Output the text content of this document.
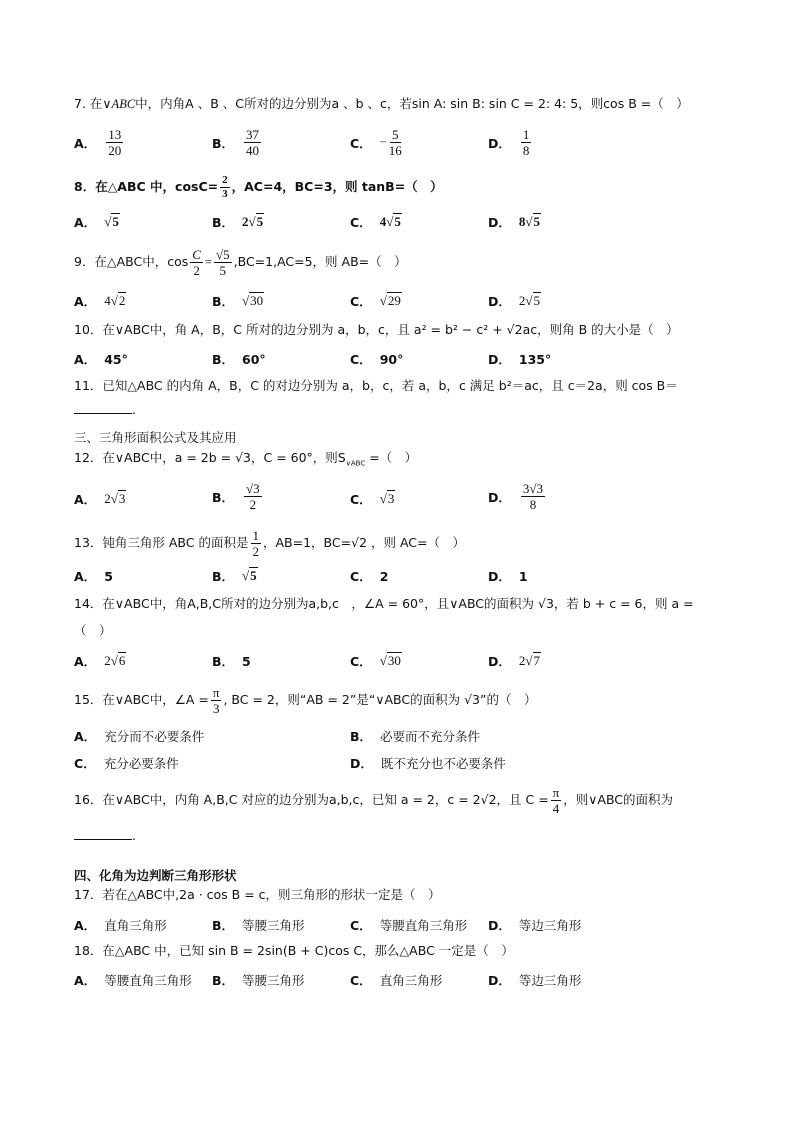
7. 在∨ABC中，内角A 、B 、C所对的边分别为a 、b 、c，若sin A: sin B: sin C = 2: 4: 5，则cos B =（　）
A． $\frac{13}{20}$	B． $\frac{37}{40}$	C． − $\frac{5}{16}$	D． $\frac{1}{8}$
8．在△ABC 中，$\cos C= \frac{2}{3}$ ，AC=4，BC=3，则 tanB=（　）
A． √5	B． 2√5	C． 4√5	D． 8√5
9．在△ABC中，$\cos \frac{C}{2} = \frac{√5}{5} ,BC=1,AC=5$，则 AB=（　）
A． 4√2	B． √30	C． √29	D． 2√5
10．在∨ABC中，角 A，B，C 所对的边分别为 a，b，c，且 a² = b² − c² + √2ac，则角 B 的大小是（　）
A． 45°	B． 60°	C． 90°	D． 135°
11．已知△ABC 的内角 A，B，C 的对边分别为 a，b，c，若 a，b，c 满足 b²＝ac，且 c＝2a，则 cos B＝
.
三、三角形面积公式及其应用
12．在∨ABC中，a = 2b = √3，C = 60°，则$S_{\vee ABC}$ =（　）
A． 2√3	B． $\frac{√3}{2}$	C． √3	D． $\frac{3√3}{8}$
13．钝角三角形 ABC 的面积是 $\frac{1}{2}$ ，AB=1，BC=√2 ，则 AC=（　）
A． 5	B． √5	C． 2	D． 1
14．在∨ABC中，角A,B,C所对的边分别为a,b,c　，∠A = 60°，且∨ABC的面积为 √3，若 b + c = 6，则 a =
（　）
A． 2√6	B． 5	C． √30	D． 2√7
15．在∨ABC中，∠A = $\frac{\pi}{3}$ , BC = 2，则“AB = 2”是“∨ABC的面积为 √3”的（　）
A． 充分而不必要条件	B． 必要而不充分条件
C． 充分必要条件	D． 既不充分也不必要条件
16．在∨ABC中，内角 A,B,C 对应的边分别为a,b,c，已知 a = 2，c = 2√2，且 $C = \frac{\pi}{4}$ ，则∨ABC的面积为
.
四、化角为边判断三角形形状
17．若在△ABC中,2a · cos B = c，则三角形的形状一定是（　）
A． 直角三角形	B． 等腰三角形	C． 等腰直角三角形 D． 等边三角形
18．在△ABC 中，已知 sin B = 2sin(B + C)cos C，那么△ABC 一定是（　）
A． 等腰直角三角形 B． 等腰三角形	C． 直角三角形	D． 等边三角形
